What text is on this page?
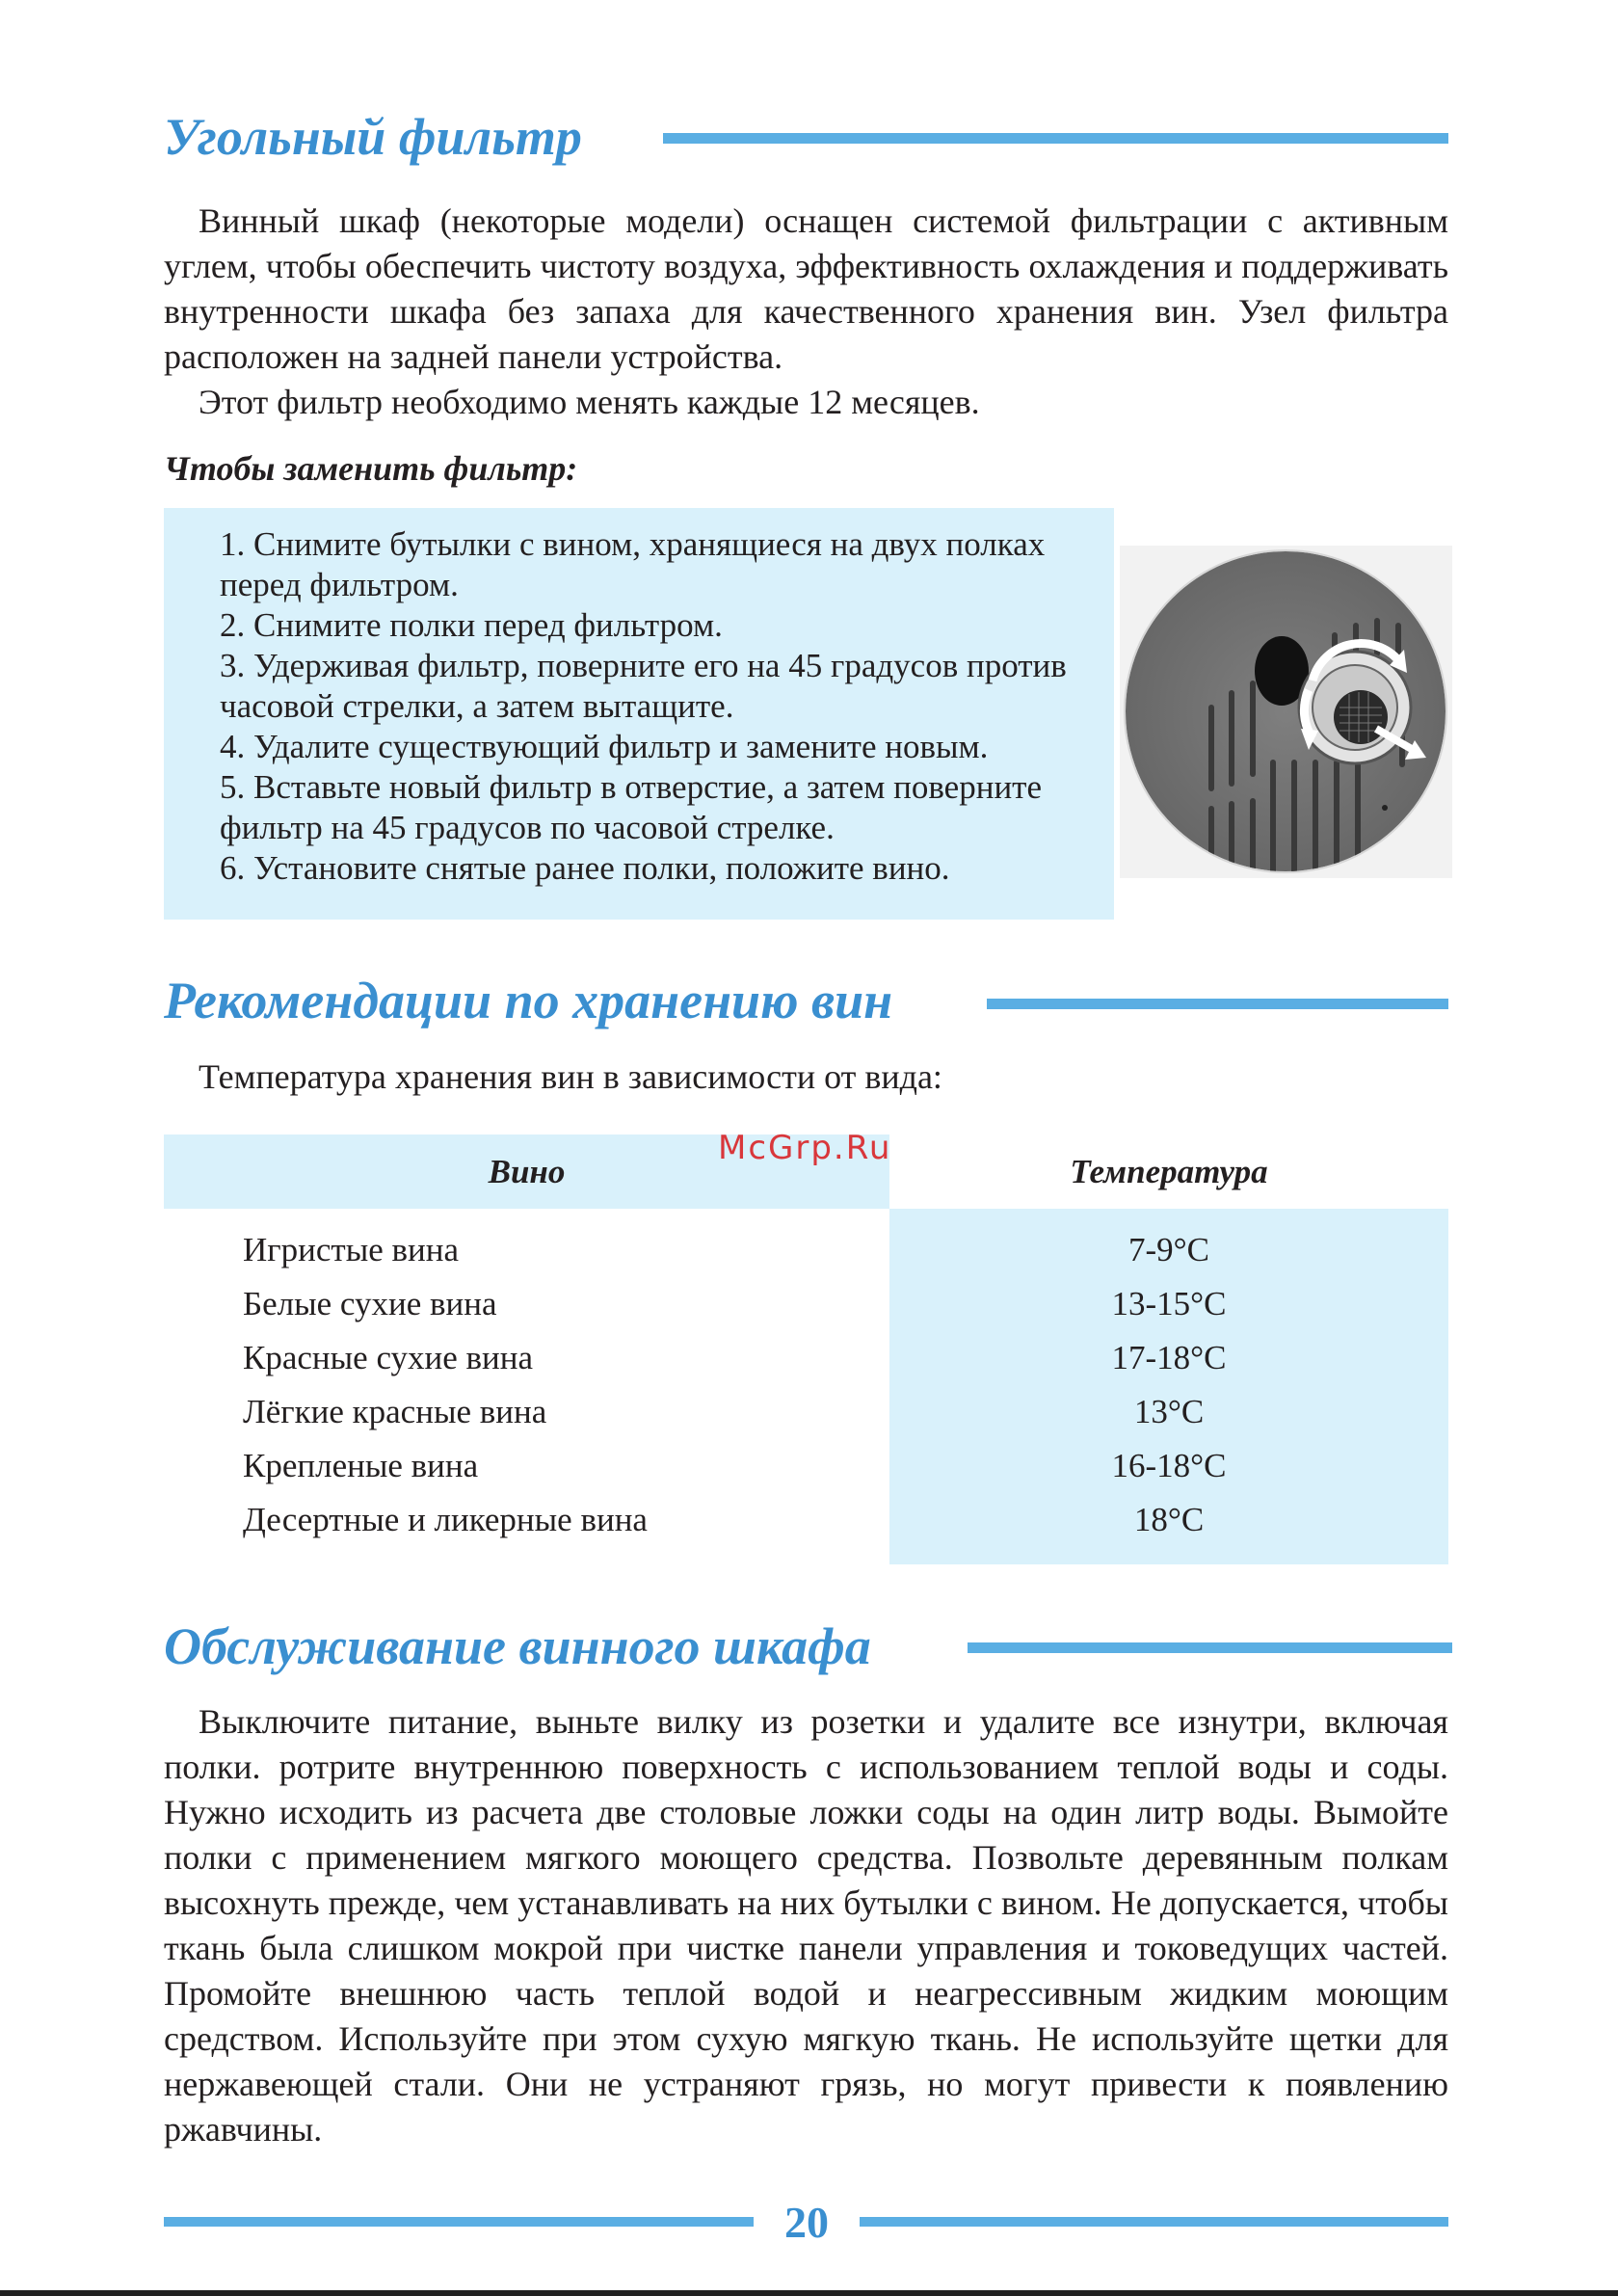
Угольный фильтр

Винный шкаф (некоторые модели) оснащен системой фильтрации с активным углем, чтобы обеспечить чистоту воздуха, эффективность охлаждения и поддерживать внутренности шкафа без запаха для качественного хранения вин. Узел фильтра расположен на задней панели устройства.

Этот фильтр необходимо менять каждые 12 месяцев.

Чтобы заменить фильтр:
1. Снимите бутылки с вином, хранящиеся на двух полках перед фильтром.
2. Снимите полки перед фильтром.
3. Удерживая фильтр, поверните его на 45 градусов против часовой стрелки, а затем вытащите.
4. Удалите существующий фильтр и замените новым.
5. Вставьте новый фильтр в отверстие, а затем поверните фильтр на 45 градусов по часовой стрелке.
6. Установите снятые ранее полки, положите вино.
Рекомендации по хранению вин
Температура хранения вин в зависимости от вида:
Вино	Температура
McGrp.Ru
Игристые вина
Белые сухие вина
Красные сухие вина
Лёгкие красные вина
Крепленые вина
Десертные и ликерные вина
7-9°C
13-15°C
17-18°C
13°C
16-18°C
18°C
Обслуживание винного шкафа

Выключите питание, выньте вилку из розетки и удалите все изнутри, включая полки. ротрите внутреннюю поверхность с использованием теплой воды и соды. Нужно исходить из расчета две столовые ложки соды на один литр воды. Вымойте полки с применением мягкого моющего средства. Позвольте деревянным полкам высохнуть прежде, чем устанавливать на них бутылки с вином. Не допускается, чтобы ткань была слишком мокрой при чистке панели управления и токоведущих частей. Промойте внешнюю часть теплой водой и неагрессивным жидким моющим средством. Используйте при этом сухую мягкую ткань. Не используйте щетки для нержавеющей стали. Они не устраняют грязь, но могут привести к появлению ржавчины.

20
